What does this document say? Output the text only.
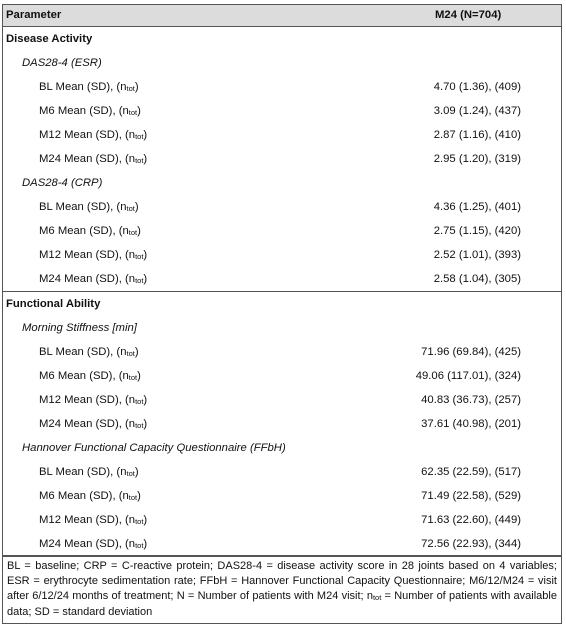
Parameter	M24 (N=704)
Disease Activity
DAS28-4 (ESR)
BL Mean (SD), (ntot)	4.70 (1.36), (409)
M6 Mean (SD), (ntot)	3.09 (1.24), (437)
M12 Mean (SD), (ntot)	2.87 (1.16), (410)
M24 Mean (SD), (ntot)	2.95 (1.20), (319)
DAS28-4 (CRP)
BL Mean (SD), (ntot)	4.36 (1.25), (401)
M6 Mean (SD), (ntot)	2.75 (1.15), (420)
M12 Mean (SD), (ntot)	2.52 (1.01), (393)
M24 Mean (SD), (ntot)	2.58 (1.04), (305)
Functional Ability
Morning Stiffness [min]
BL Mean (SD), (ntot)	71.96 (69.84), (425)
M6 Mean (SD), (ntot)	49.06 (117.01), (324)
M12 Mean (SD), (ntot)	40.83 (36.73), (257)
M24 Mean (SD), (ntot)	37.61 (40.98), (201)
Hannover Functional Capacity Questionnaire (FFbH)
BL Mean (SD), (ntot)	62.35 (22.59), (517)
M6 Mean (SD), (ntot)	71.49 (22.58), (529)
M12 Mean (SD), (ntot)	71.63 (22.60), (449)
M24 Mean (SD), (ntot)	72.56 (22.93), (344)
BL = baseline; CRP = C-reactive protein; DAS28-4 = disease activity score in 28 joints based on 4 variables; ESR = erythrocyte sedimentation rate; FFbH = Hannover Functional Capacity Questionnaire; M6/12/M24 = visit after 6/12/24 months of treatment; N = Number of patients with M24 visit; ntot = Number of patients with available data; SD = standard deviation
